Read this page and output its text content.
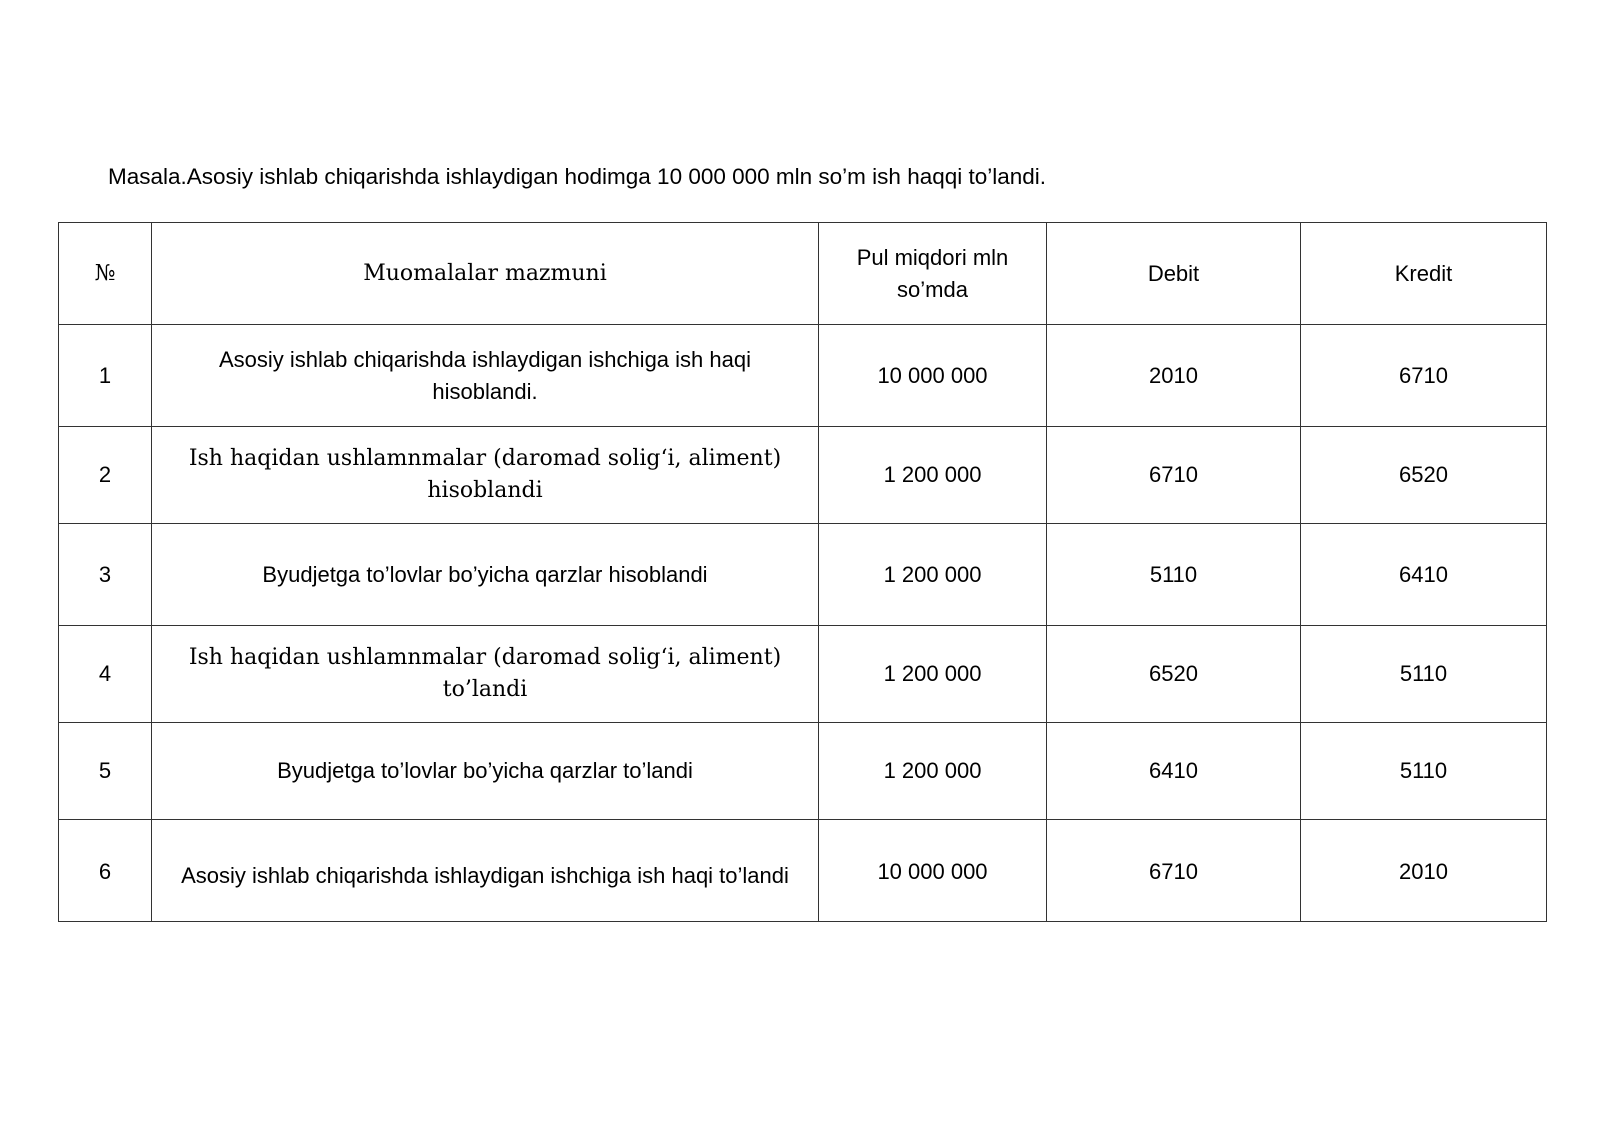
Masala.Asosiy ishlab chiqarishda ishlaydigan hodimga 10 000 000 mln so’m ish haqqi to’landi.
№	Muomalalar mazmuni	Pul miqdori mln so’mda	Debit	Kredit
1	Asosiy ishlab chiqarishda ishlaydigan ishchiga ish haqi hisoblandi.	10 000 000	2010	6710
2	Ish haqidan ushlamnmalar (daromad solig‘i, aliment) hisoblandi	1 200 000	6710	6520
3	Byudjetga to’lovlar bo’yicha qarzlar hisoblandi	1 200 000	5110	6410
4	Ish haqidan ushlamnmalar (daromad solig‘i, aliment) to’landi	1 200 000	6520	5110
5	Byudjetga to’lovlar bo’yicha qarzlar to’landi	1 200 000	6410	5110
6	Asosiy ishlab chiqarishda ishlaydigan ishchiga ish haqi to’landi	10 000 000	6710	2010
